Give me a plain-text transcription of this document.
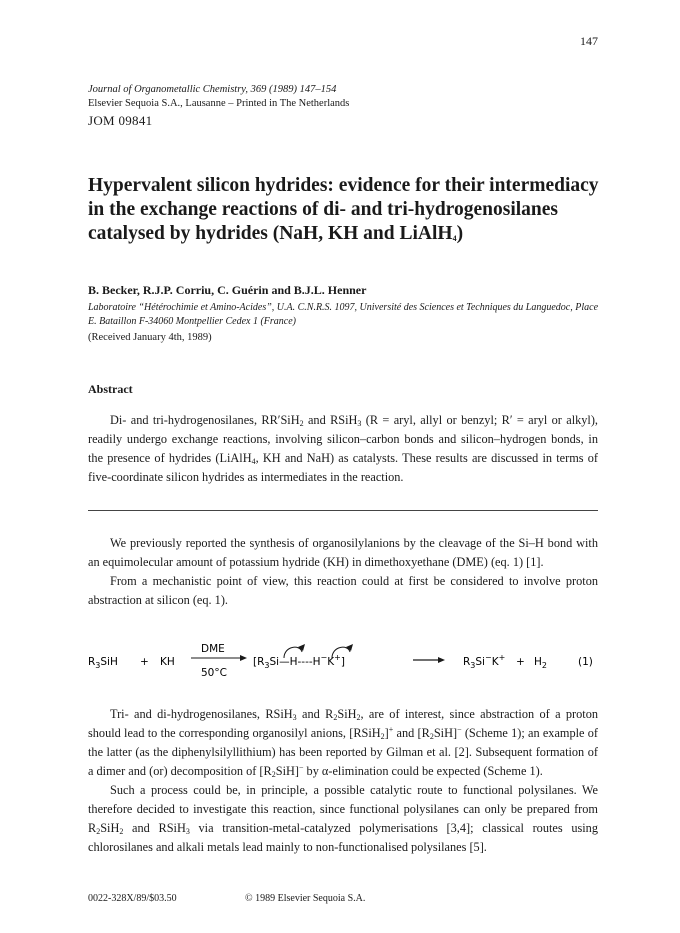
147
Journal of Organometallic Chemistry, 369 (1989) 147–154
Elsevier Sequoia S.A., Lausanne – Printed in The Netherlands
JOM 09841
Hypervalent silicon hydrides: evidence for their intermediacy in the exchange reactions of di- and tri-hydrogenosilanes catalysed by hydrides (NaH, KH and LiAlH$_4$)
B. Becker, R.J.P. Corriu, C. Guérin and B.J.L. Henner
Laboratoire “Hétérochimie et Amino-Acides”, U.A. C.N.R.S. 1097, Université des Sciences et Techniques du Languedoc, Place E. Bataillon F-34060 Montpellier Cedex 1 (France)
(Received January 4th, 1989)
Abstract

Di- and tri-hydrogenosilanes, RR′SiH$_2$ and RSiH$_3$ (R = aryl, allyl or benzyl; R′ = aryl or alkyl), readily undergo exchange reactions, involving silicon–carbon bonds and silicon–hydrogen bonds, in the presence of hydrides (LiAlH$_4$, KH and NaH) as catalysts. These results are discussed in terms of five-coordinate silicon hydrides as intermediates in the reaction.

We previously reported the synthesis of organosilylanions by the cleavage of the Si–H bond with an equimolecular amount of potassium hydride (KH) in dimethoxyethane (DME) (eq. 1) [1].

From a mechanistic point of view, this reaction could at first be considered to involve proton abstraction at silicon (eq. 1).

$R_3SiH$ + KH
DME
50°C
$[R_3Si—H----H^-K^+]$	$R_3Si^-K^+ + H_2$	(1)

Tri- and di-hydrogenosilanes, RSiH$_3$ and $R_2SiH_2$, are of interest, since abstraction of a proton should lead to the corresponding organosilyl anions, [RSiH$_2$]+ and $[R_2SiH]^-$ (Scheme 1); an example of the latter (as the diphenylsilyllithium) has been reported by Gilman et al. [2]. Subsequent formation of a dimer and (or) decomposition of $[R_2SiH]^-$ by α-elimination could be expected (Scheme 1).

Such a process could be, in principle, a possible catalytic route to functional polysilanes. We therefore decided to investigate this reaction, since functional polysilanes can only be prepared from $R_2SiH_2$ and RSiH$_3$ via transition-metal-catalyzed polymerisations [3,4]; classical routes using chlorosilanes and alkali metals lead mainly to non-functionalised polysilanes [5].

0022-328X/89/$03.50	© 1989 Elsevier Sequoia S.A.
